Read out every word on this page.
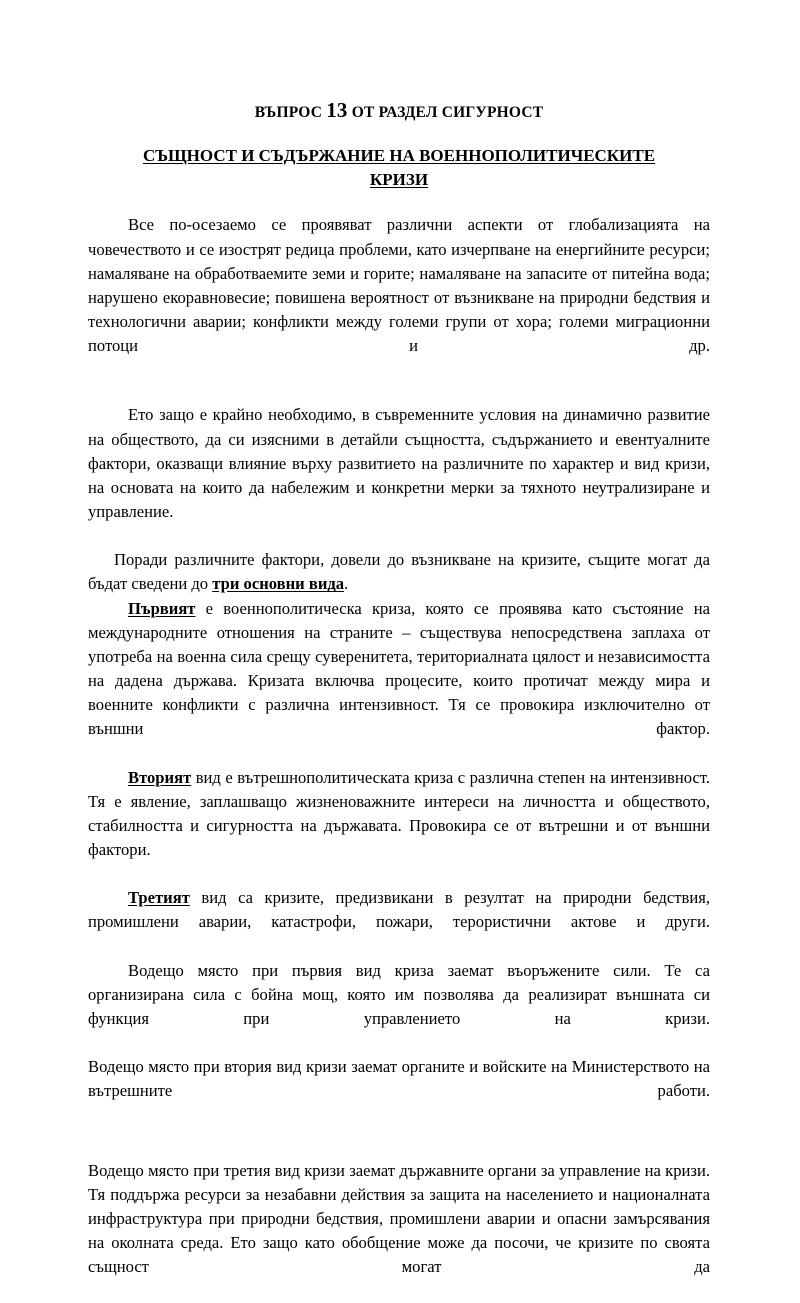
ВЪПРОС 13 ОТ РАЗДЕЛ СИГУРНОСТ
СЪЩНОСТ И СЪДЪРЖАНИЕ НА ВОЕННОПОЛИТИЧЕСКИТЕ
КРИЗИ

Все по-осезаемо се проявяват различни аспекти от глобализацията на човечеството и се изострят редица проблеми, като изчерпване на енергийните ресурси; намаляване на обработваемите земи и горите; намаляване на запасите от питейна вода; нарушено екоравновесие; повишена вероятност от възникване на природни бедствия и технологични аварии; конфликти между големи групи от хора; големи миграционни потоци и др.

Ето защо е крайно необходимо, в съвременните условия на динамично развитие на обществото, да си изясними в детайли същността, съдържанието и евентуалните фактори, оказващи влияние върху развитието на различните по характер и вид кризи, на основата на които да набележим и конкретни мерки за тяхното неутрализиране и управление.

Поради различните фактори, довели до възникване на кризите, същите могат да бъдат сведени до три основни вида.

Първият е военнополитическа криза, която се проявява като състояние на международните отношения на страните – съществува непосредствена заплаха от употреба на военна сила срещу суверенитета, териториалната цялост и независимостта на дадена държава. Кризата включва процесите, които протичат между мира и военните конфликти с различна интензивност. Тя се провокира изключително от външни фактор.

Вторият вид е вътрешнополитическата криза с различна степен на интензивност. Тя е явление, заплашващо жизненоважните интереси на личността и обществото, стабилността и сигурността на държавата. Провокира се от вътрешни и от външни фактори.

Третият вид са кризите, предизвикани в резултат на природни бедствия, промишлени аварии, катастрофи, пожари, терористични актове и други.

Водещо място при първия вид криза заемат въоръжените сили. Те са организирана сила с бойна мощ, която им позволява да реализират външната си функция при управлението на кризи.

Водещо място при втория вид кризи заемат органите и войските на Министерството на вътрешните работи.

Водещо място при третия вид кризи заемат държавните органи за управление на кризи. Тя поддържа ресурси за незабавни действия за защита на населението и националната инфраструктура при природни бедствия, промишлени аварии и опасни замърсявания на околната среда. Ето защо като обобщение може да посочи, че кризите по своята същност могат да
